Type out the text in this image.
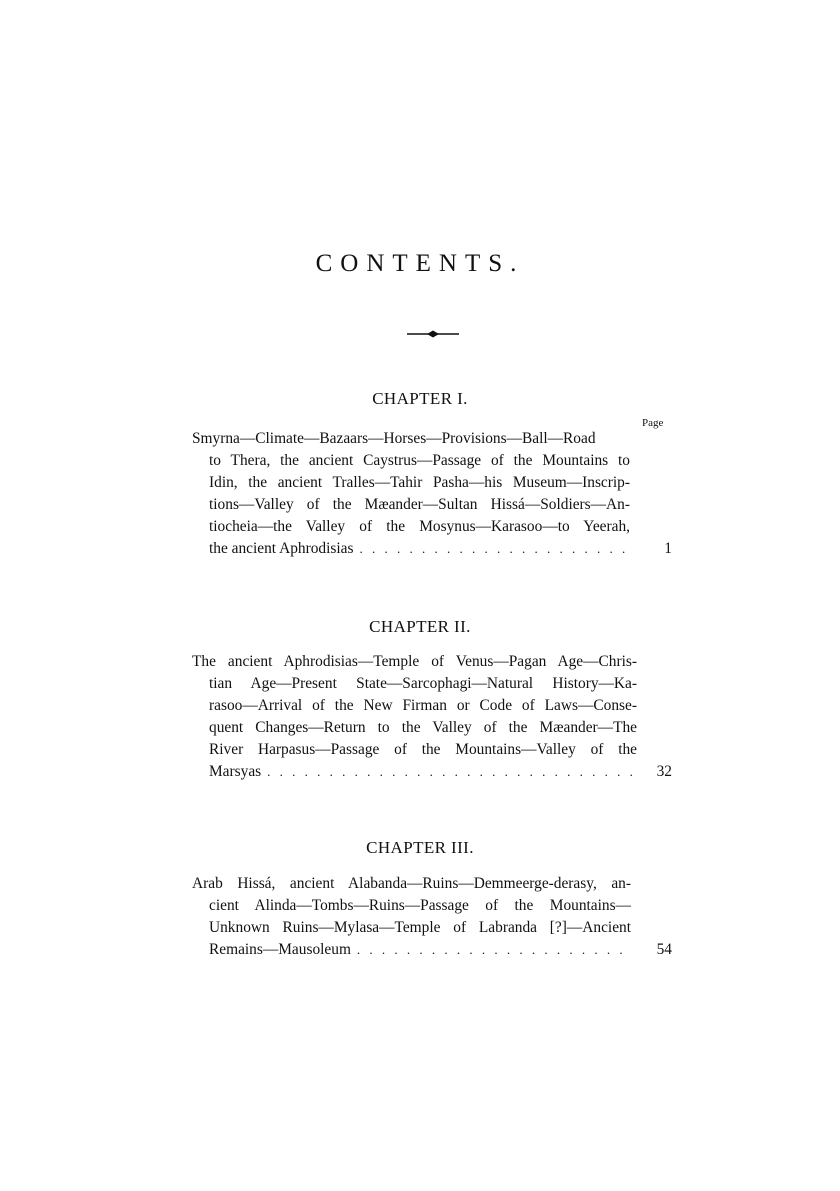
CONTENTS.
CHAPTER I.
Page
Smyrna—Climate—Bazaars—Horses—Provisions—Ball—Road
to Thera, the ancient Caystrus—Passage of the Mountains to
Idin, the ancient Tralles—Tahir Pasha—his Museum—Inscrip-
tions—Valley of the Mæander—Sultan Hissá—Soldiers—An-
tiocheia—the Valley of the Mosynus—Karasoo—to Yeerah,
the ancient Aphrodisias . . .	1
CHAPTER II.
The ancient Aphrodisias—Temple of Venus—Pagan Age—Chris-
tian Age—Present State—Sarcophagi—Natural History—Ka-
rasoo—Arrival of the New Firman or Code of Laws—Conse-
quent Changes—Return to the Valley of the Mæander—The
River Harpasus—Passage of the Mountains—Valley of the
Marsyas . . .	32
CHAPTER III.
Arab Hissá, ancient Alabanda—Ruins—Demmeerge-derasy, an-
cient Alinda—Tombs—Ruins—Passage of the Mountains—
Unknown Ruins—Mylasa—Temple of Labranda [?]—Ancient
Remains—Mausoleum . . .	54
